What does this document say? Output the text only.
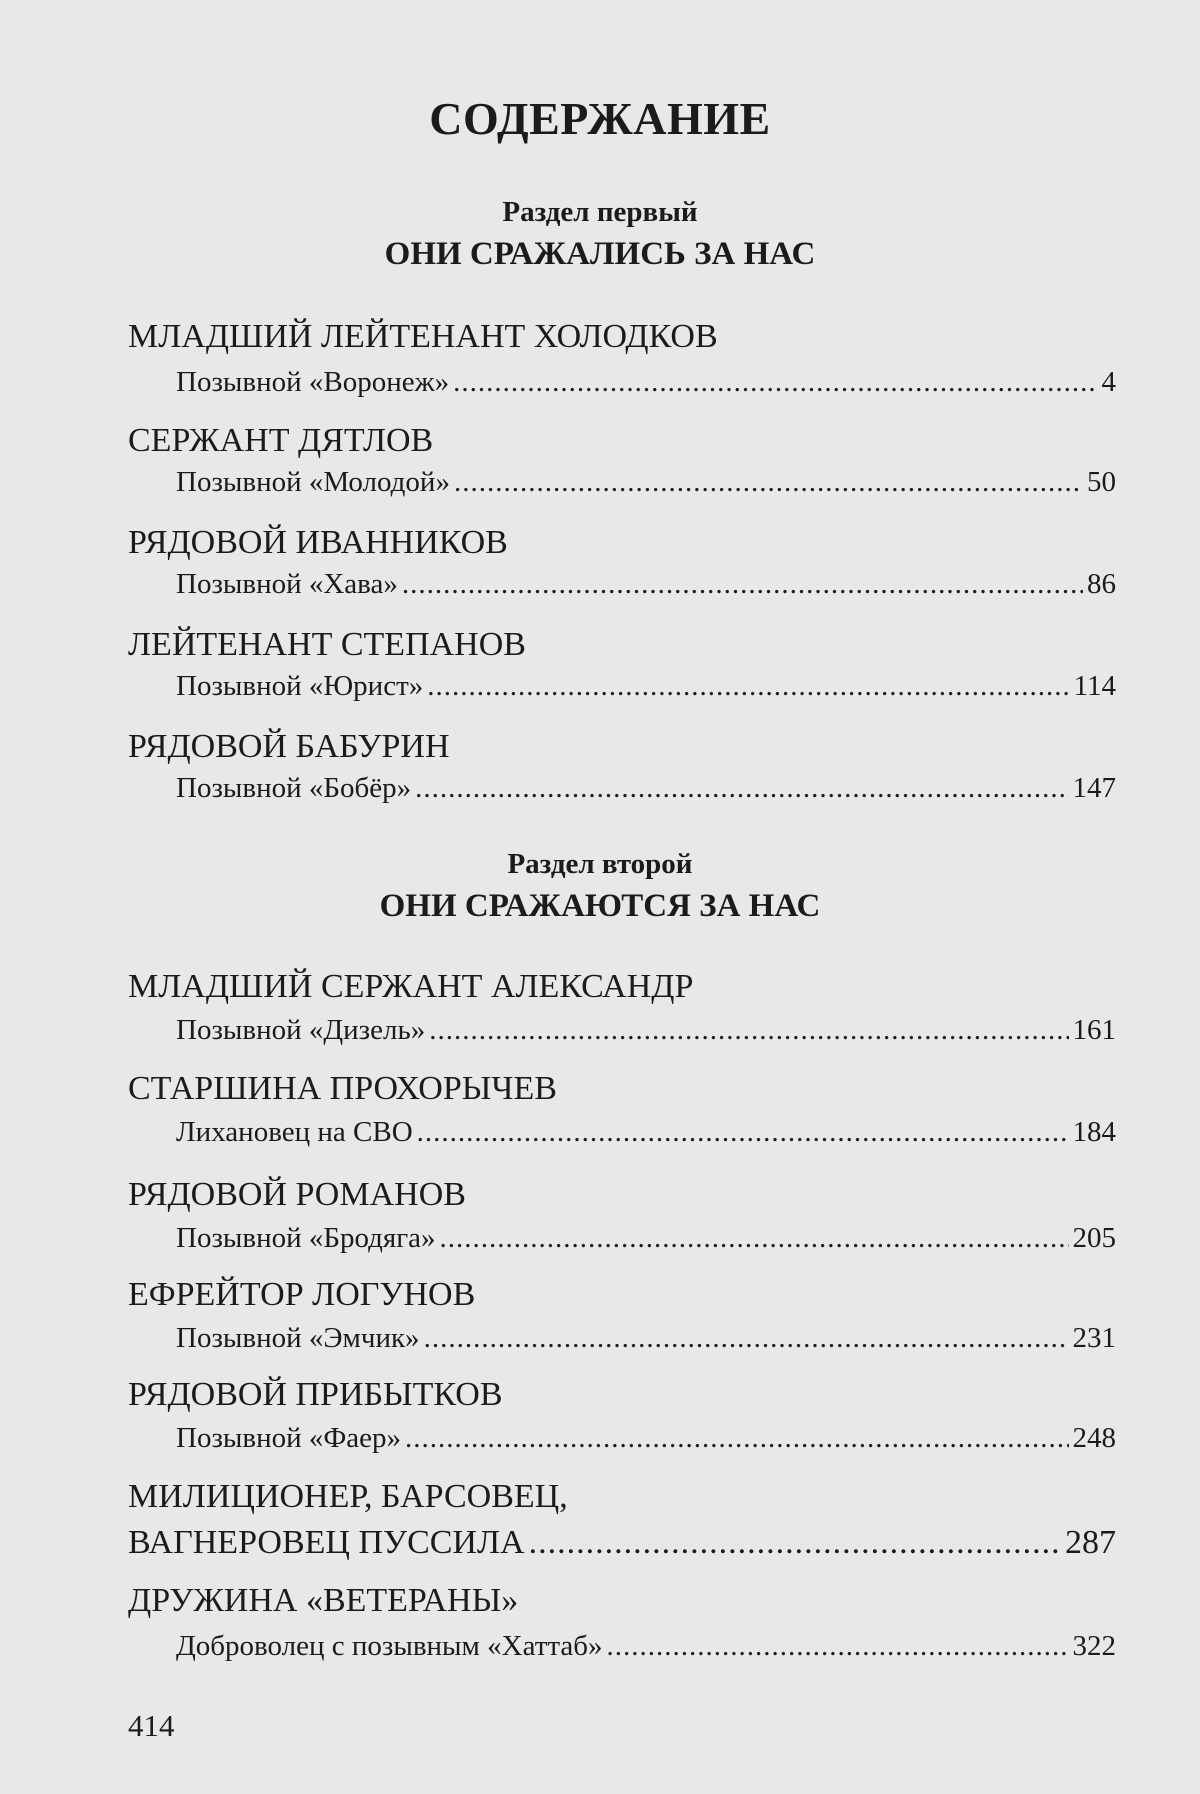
СОДЕРЖАНИЕ
Раздел первый
ОНИ СРАЖАЛИСЬ ЗА НАС
МЛАДШИЙ ЛЕЙТЕНАНТ ХОЛОДКОВ
Позывной «Воронеж» .....	4
СЕРЖАНТ ДЯТЛОВ
Позывной «Молодой» .....	50
РЯДОВОЙ ИВАННИКОВ
Позывной «Хава» .....	86
ЛЕЙТЕНАНТ СТЕПАНОВ
Позывной «Юрист» .....	114
РЯДОВОЙ БАБУРИН
Позывной «Бобёр» .....	147
Раздел второй
ОНИ СРАЖАЮТСЯ ЗА НАС
МЛАДШИЙ СЕРЖАНТ АЛЕКСАНДР
Позывной «Дизель» .....	161
СТАРШИНА ПРОХОРЫЧЕВ
Лихановец на СВО .....	184
РЯДОВОЙ РОМАНОВ
Позывной «Бродяга» .....	205
ЕФРЕЙТОР ЛОГУНОВ
Позывной «Эмчик» .....	231
РЯДОВОЙ ПРИБЫТКОВ
Позывной «Фаер» .....	248
МИЛИЦИОНЕР, БАРСОВЕЦ,
ВАГНЕРОВЕЦ ПУССИЛА .....	287
ДРУЖИНА «ВЕТЕРАНЫ»
Доброволец с позывным «Хаттаб» .....	322
414
